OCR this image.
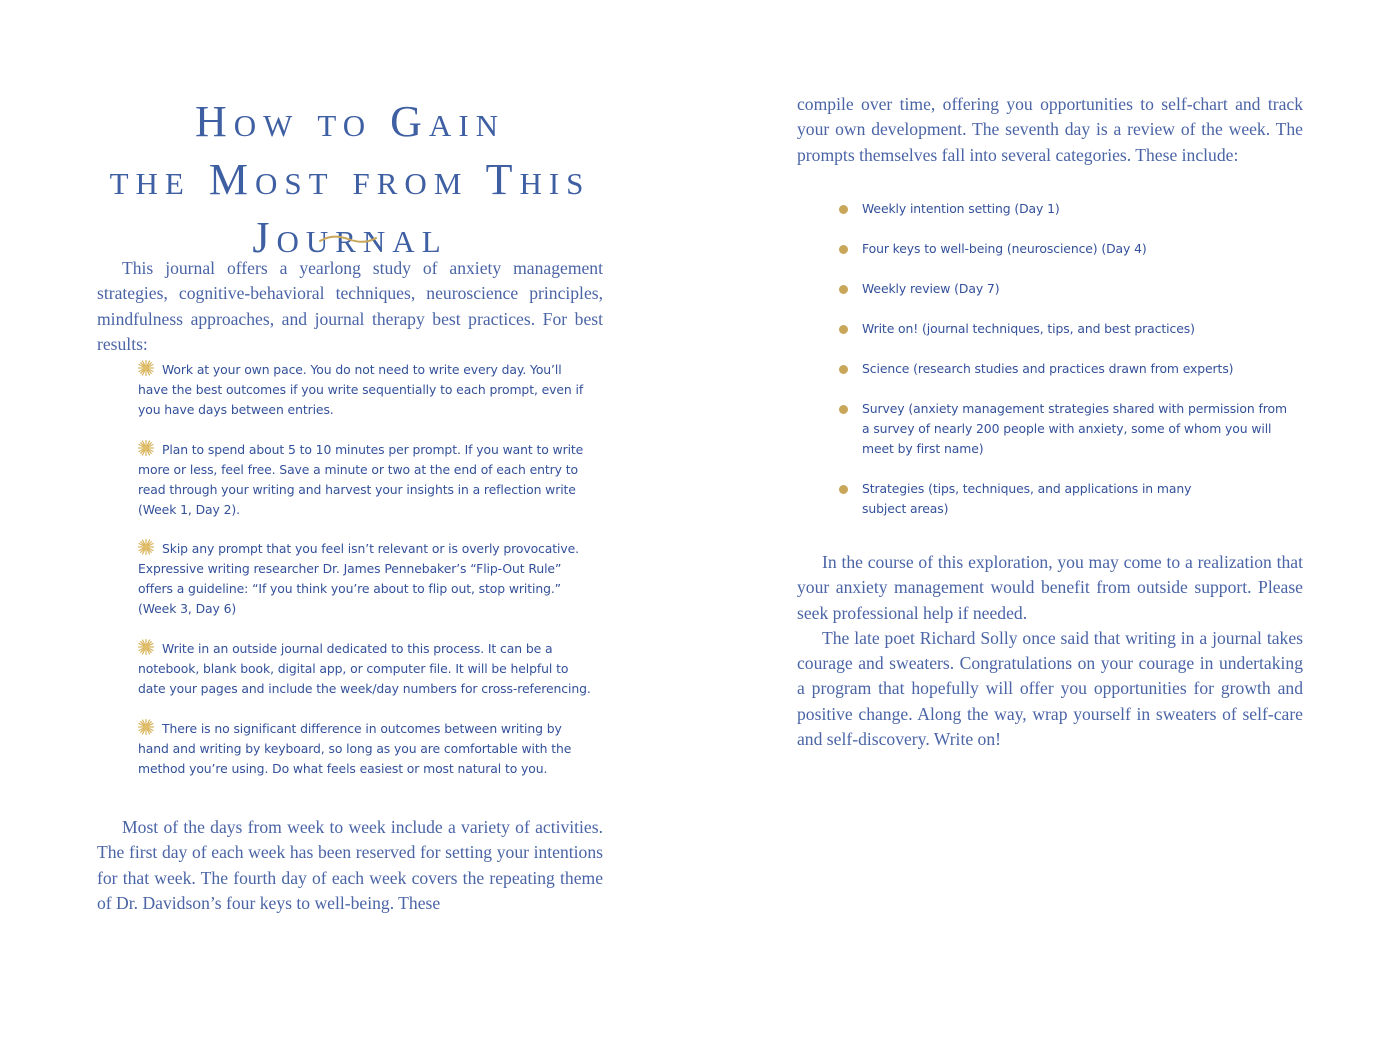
How to Gain
the Most from This
Journal

This journal offers a yearlong study of anxiety management strategies, cognitive-behavioral techniques, neuroscience principles, mindfulness approaches, and journal therapy best practices. For best results:

Work at your own pace. You do not need to write every day. You’ll have the best outcomes if you write sequentially to each prompt, even if you have days between entries.

Plan to spend about 5 to 10 minutes per prompt. If you want to write more or less, feel free. Save a minute or two at the end of each entry to read through your writing and harvest your insights in a reflection write (Week 1, Day 2).

Skip any prompt that you feel isn’t relevant or is overly provocative. Expressive writing researcher Dr. James Pennebaker’s “Flip-Out Rule” offers a guideline: “If you think you’re about to flip out, stop writing.” (Week 3, Day 6)

Write in an outside journal dedicated to this process. It can be a notebook, blank book, digital app, or computer file. It will be helpful to date your pages and include the week/day numbers for cross-referencing.

There is no significant difference in outcomes between writing by hand and writing by keyboard, so long as you are comfortable with the method you’re using. Do what feels easiest or most natural to you.

Most of the days from week to week include a variety of activities. The first day of each week has been reserved for setting your intentions for that week. The fourth day of each week covers the repeating theme of Dr. Davidson’s four keys to well-being. These

compile over time, offering you opportunities to self-chart and track your own development. The seventh day is a review of the week. The prompts themselves fall into several categories. These include:

Weekly intention setting (Day 1)
Four keys to well-being (neuroscience) (Day 4)
Weekly review (Day 7)
Write on! (journal techniques, tips, and best practices)
Science (research studies and practices drawn from experts)
Survey (anxiety management strategies shared with permission from a survey of nearly 200 people with anxiety, some of whom you will meet by first name)
Strategies (tips, techniques, and applications in many subject areas)

In the course of this exploration, you may come to a realization that your anxiety management would benefit from outside support. Please seek professional help if needed.

The late poet Richard Solly once said that writing in a journal takes courage and sweaters. Congratulations on your courage in undertaking a program that hopefully will offer you opportunities for growth and positive change. Along the way, wrap yourself in sweaters of self-care and self-discovery. Write on!
